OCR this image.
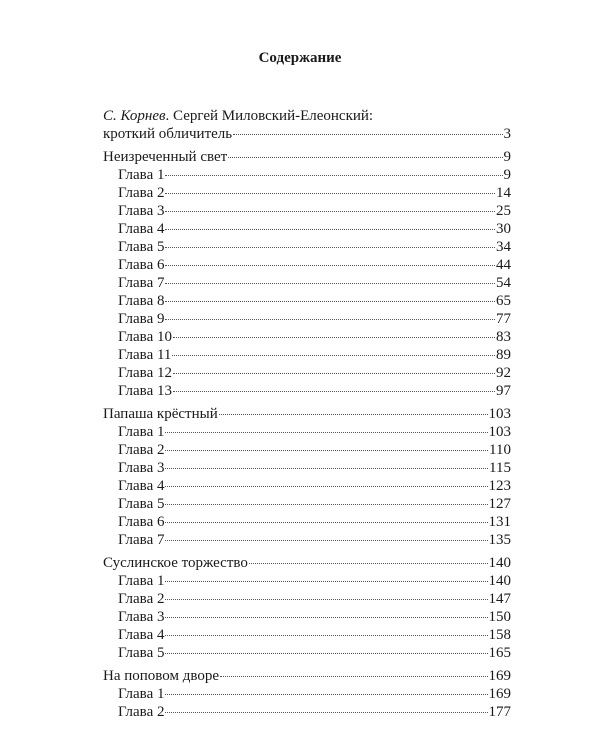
Содержание
С. Корнев. Сергей Миловский-Елеонский:
кроткий обличитель	3
Неизреченный свет	9
Глава 1	9
Глава 2	14
Глава 3	25
Глава 4	30
Глава 5	34
Глава 6	44
Глава 7	54
Глава 8	65
Глава 9	77
Глава 10	83
Глава 11	89
Глава 12	92
Глава 13	97
Папаша крёстный	103
Глава 1	103
Глава 2	110
Глава 3	115
Глава 4	123
Глава 5	127
Глава 6	131
Глава 7	135
Суслинское торжество	140
Глава 1	140
Глава 2	147
Глава 3	150
Глава 4	158
Глава 5	165
На поповом дворе	169
Глава 1	169
Глава 2	177
